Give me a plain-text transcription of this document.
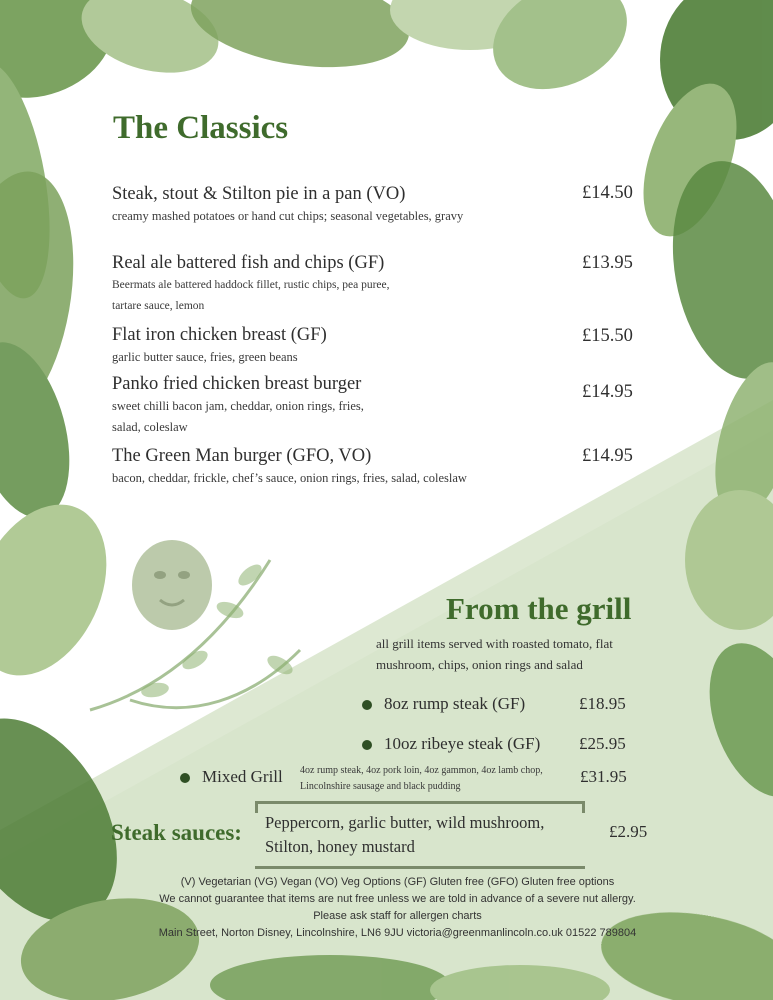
The Classics
Steak, stout & Stilton pie in a pan (VO)
creamy mashed potatoes or hand cut chips; seasonal vegetables, gravy
£14.50
Real ale battered fish and chips (GF)
Beermats ale battered haddock fillet, rustic chips, pea puree, tartare sauce, lemon
£13.95
Flat iron chicken breast (GF)
garlic butter sauce, fries, green beans
£15.50
Panko fried chicken breast burger
sweet chilli bacon jam, cheddar, onion rings, fries, salad, coleslaw
£14.95
The Green Man burger (GFO, VO)
bacon, cheddar, frickle, chef’s sauce, onion rings, fries, salad, coleslaw
£14.95
From the grill
all grill items served with roasted tomato, flat mushroom, chips, onion rings and salad
8oz rump steak (GF)	£18.95
10oz ribeye steak (GF) £25.95
Mixed Grill 4oz rump steak, 4oz pork loin, 4oz gammon, 4oz lamb chop, Lincolnshire sausage and black pudding
£31.95
Steak sauces: Peppercorn, garlic butter, wild mushroom,
Stilton, honey mustard
£2.95
(V) Vegetarian (VG) Vegan (VO) Veg Options (GF) Gluten free (GFO) Gluten free options
We cannot guarantee that items are nut free unless we are told in advance of a severe nut allergy.
Please ask staff for allergen charts
Main Street, Norton Disney, Lincolnshire, LN6 9JU victoria@greenmanlincoln.co.uk 01522 789804
